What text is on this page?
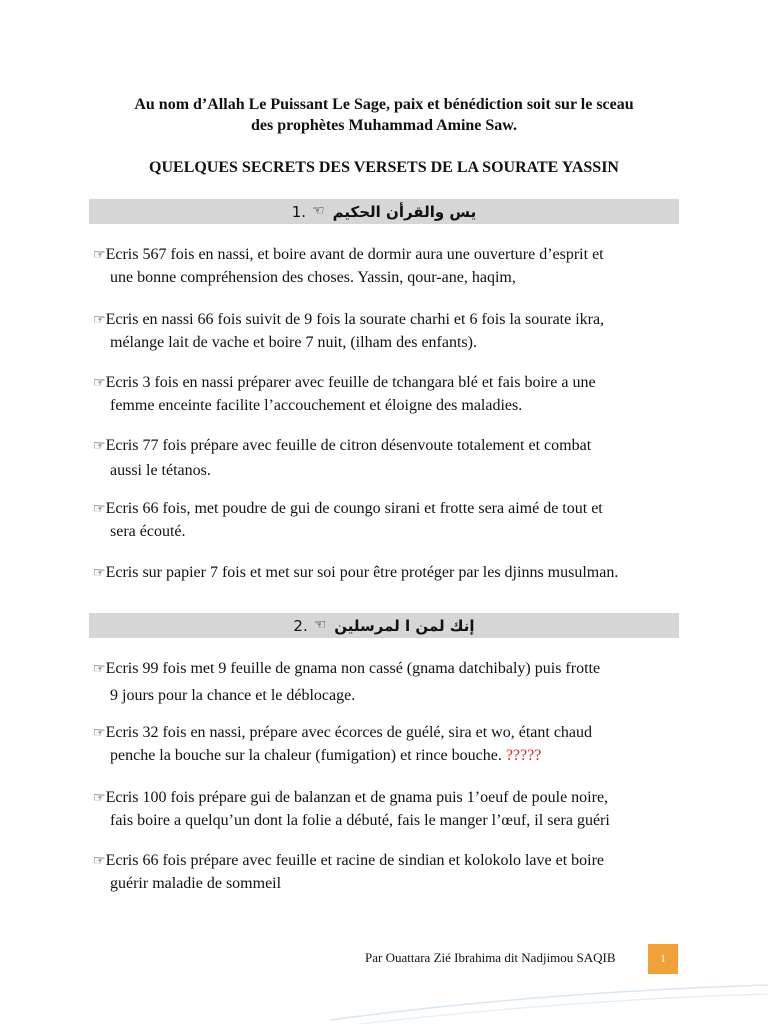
Au nom d’Allah Le Puissant Le Sage, paix et bénédiction soit sur le sceau
des prophètes Muhammad Amine Saw.
QUELQUES SECRETS DES VERSETS DE LA SOURATE YASSIN
1. ☜ يس والقرأن الحكيم
☞Ecris 567 fois en nassi, et boire avant de dormir aura une ouverture d’esprit et
une bonne compréhension des choses. Yassin, qour-ane, haqim,
☞Ecris en nassi 66 fois suivit de 9 fois la sourate charhi et 6 fois la sourate ikra,
mélange lait de vache et boire 7 nuit, (ilham des enfants).
☞Ecris 3 fois en nassi préparer avec feuille de tchangara blé et fais boire a une
femme enceinte facilite l’accouchement et éloigne des maladies.
☞Ecris 77 fois prépare avec feuille de citron désenvoute totalement et combat
aussi le tétanos.
☞Ecris 66 fois, met poudre de gui de coungo sirani et frotte sera aimé de tout et
sera écouté.
☞Ecris sur papier 7 fois et met sur soi pour être protéger par les djinns musulman.
2. ☜ إنك لمن ا لمرسلين
☞Ecris 99 fois met 9 feuille de gnama non cassé (gnama datchibaly) puis frotte
9 jours pour la chance et le déblocage.
☞Ecris 32 fois en nassi, prépare avec écorces de guélé, sira et wo, étant chaud
penche la bouche sur la chaleur (fumigation) et rince bouche. ?????
☞Ecris 100 fois prépare gui de balanzan et de gnama puis 1’oeuf de poule noire,
fais boire a quelqu’un dont la folie a débuté, fais le manger l’œuf, il sera guéri
☞Ecris 66 fois prépare avec feuille et racine de sindian et kolokolo lave et boire
guérir maladie de sommeil
Par Ouattara Zié Ibrahima dit Nadjimou SAQIB	1
